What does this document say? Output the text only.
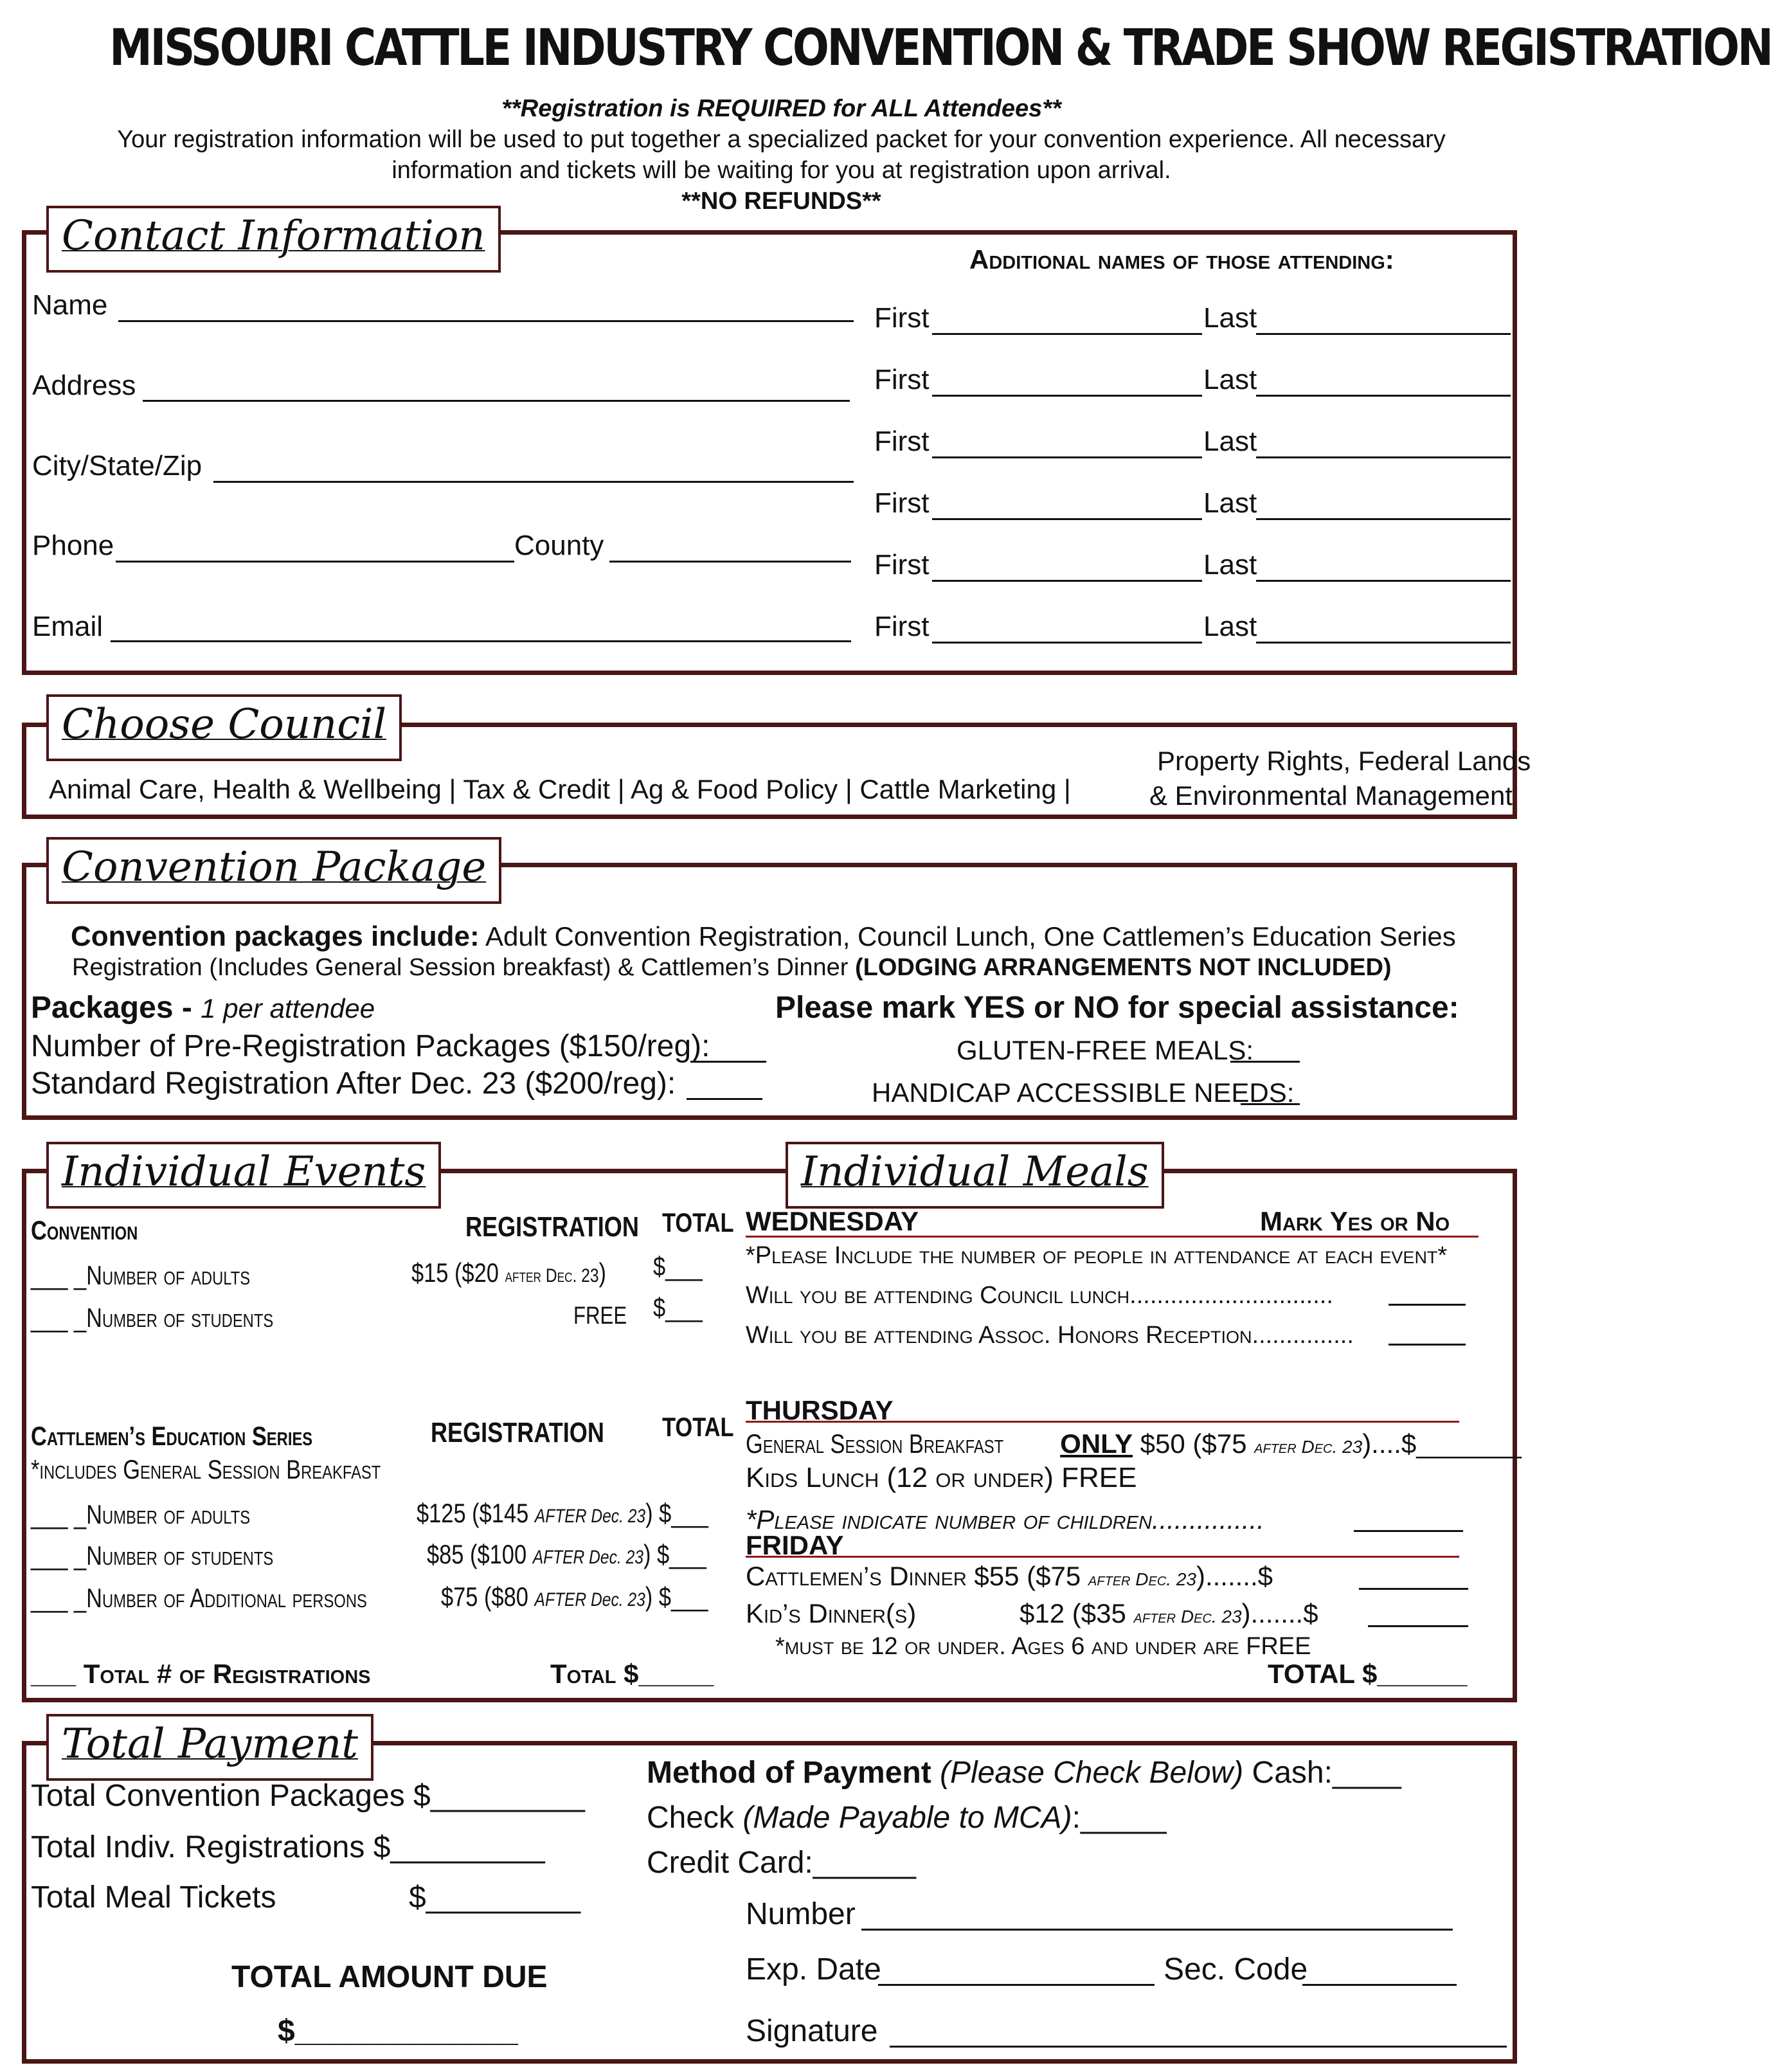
MISSOURI CATTLE INDUSTRY CONVENTION & TRADE SHOW REGISTRATION
**Registration is REQUIRED for ALL Attendees**
Your registration information will be used to put together a specialized packet for your convention experience. All necessary
information and tickets will be waiting for you at registration upon arrival.
**NO REFUNDS**
Contact Information
Name
Address
City/State/Zip
Phone	County
Email
Additional names of those attending:
First	Last
First	Last
First	Last
First	Last
First	Last
First	Last
Choose Council
Animal Care, Health & Wellbeing | Tax & Credit | Ag & Food Policy | Cattle Marketing |
Property Rights, Federal Lands
& Environmental Management
Convention Package
Convention packages include: Adult Convention Registration, Council Lunch, One Cattlemen’s Education Series
Registration (Includes General Session breakfast) & Cattlemen’s Dinner (LODGING ARRANGEMENTS NOT INCLUDED)
Packages - 1 per attendee
Number of Pre-Registration Packages ($150/reg):
Standard Registration After Dec. 23 ($200/reg):
Please mark YES or NO for special assistance:
GLUTEN-FREE MEALS:
HANDICAP ACCESSIBLE NEEDS:
Individual Events	Individual Meals
Convention	REGISTRATION TOTAL
___ _Number of adults	$15 ($20 after Dec. 23) $___
___ _Number of students	FREE $___
Cattlemen’s Education Series	REGISTRATION TOTAL
*includes General Session Breakfast
___ _Number of adults	$125 ($145 AFTER Dec. 23) $___
___ _Number of students	$85 ($100 AFTER Dec. 23) $___
___ _Number of Additional persons	$75 ($80 AFTER Dec. 23) $___
___ Total # of Registrations	Total $_____
WEDNESDAY	Mark Yes or No
*Please Include the number of people in attendance at each event*
Will you be attending Council lunch..............................
Will you be attending Assoc. Honors Reception...............
THURSDAY
General Session BreakfastONLY $50 ($75 after Dec. 23)....$_______
Kids Lunch (12 or under) FREE
*Please indicate number of children...............
FRIDAY
Cattlemen’s Dinner $55 ($75 after Dec. 23).......$
Kid’s Dinner(s)	$12 ($35 after Dec. 23).......$
*must be 12 or under. Ages 6 and under are FREE
TOTAL $______
Total Payment
Total Convention Packages $_________
Total Indiv. Registrations $_________
Total Meal Tickets	$_________
TOTAL AMOUNT DUE
$_____________
Method of Payment (Please Check Below) Cash:____
Check (Made Payable to MCA):_____
Credit Card:______
Number
Exp. Date	Sec. Code
Signature
